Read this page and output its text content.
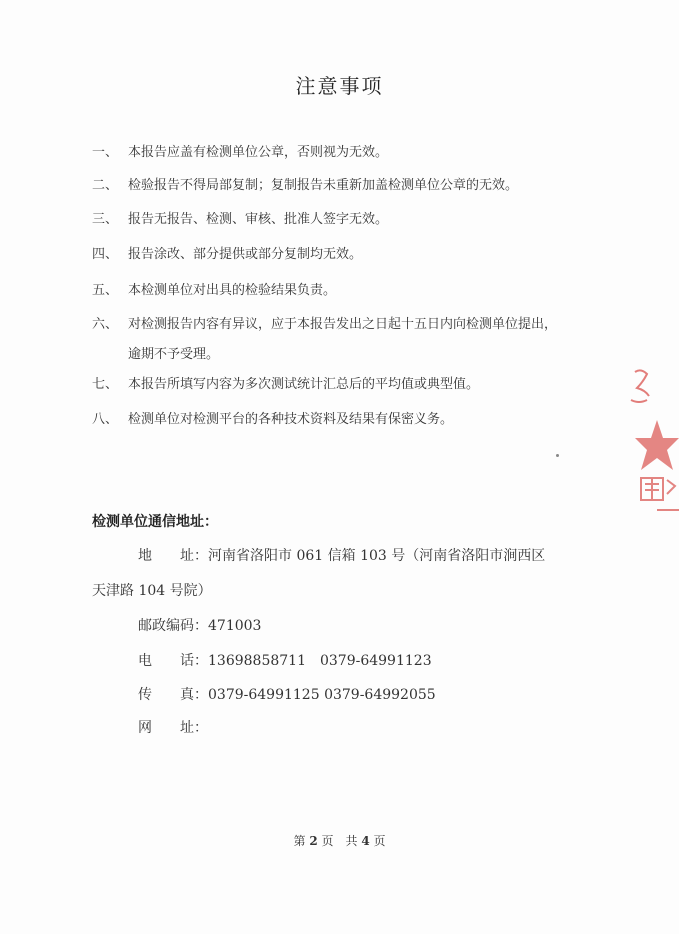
注意事项
一、 本报告应盖有检测单位公章，否则视为无效。
二、 检验报告不得局部复制；复制报告未重新加盖检测单位公章的无效。
三、 报告无报告、检测、审核、批准人签字无效。
四、 报告涂改、部分提供或部分复制均无效。
五、 本检测单位对出具的检验结果负责。
六、 对检测报告内容有异议，应于本报告发出之日起十五日内向检测单位提出，
逾期不予受理。
七、 本报告所填写内容为多次测试统计汇总后的平均值或典型值。
八、 检测单位对检测平台的各种技术资料及结果有保密义务。
检测单位通信地址：
地　　址：河南省洛阳市 061 信箱 103 号（河南省洛阳市涧西区
天津路 104 号院）
邮政编码：471003
电　　话：13698858711　0379-64991123
传　　真：0379-64991125 0379-64992055
网　　址：
第 2 页　共 4 页
